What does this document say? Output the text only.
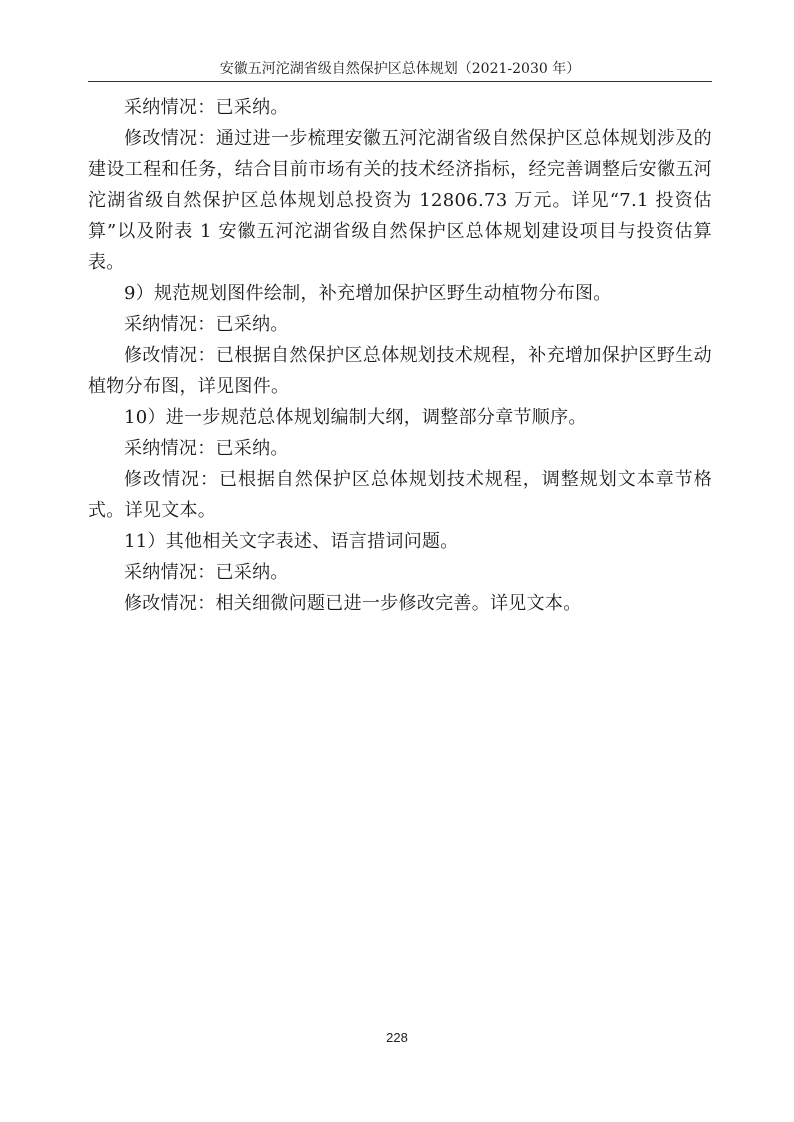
安徽五河沱湖省级自然保护区总体规划（2021-2030 年）

采纳情况：已采纳。

修改情况：通过进一步梳理安徽五河沱湖省级自然保护区总体规划涉及的建设工程和任务，结合目前市场有关的技术经济指标，经完善调整后安徽五河沱湖省级自然保护区总体规划总投资为 12806.73 万元。详见“7.1 投资估算”以及附表 1 安徽五河沱湖省级自然保护区总体规划建设项目与投资估算表。

9）规范规划图件绘制，补充增加保护区野生动植物分布图。

采纳情况：已采纳。

修改情况：已根据自然保护区总体规划技术规程，补充增加保护区野生动植物分布图，详见图件。

10）进一步规范总体规划编制大纲，调整部分章节顺序。

采纳情况：已采纳。

修改情况：已根据自然保护区总体规划技术规程，调整规划文本章节格式。详见文本。

11）其他相关文字表述、语言措词问题。

采纳情况：已采纳。

修改情况：相关细微问题已进一步修改完善。详见文本。

228
